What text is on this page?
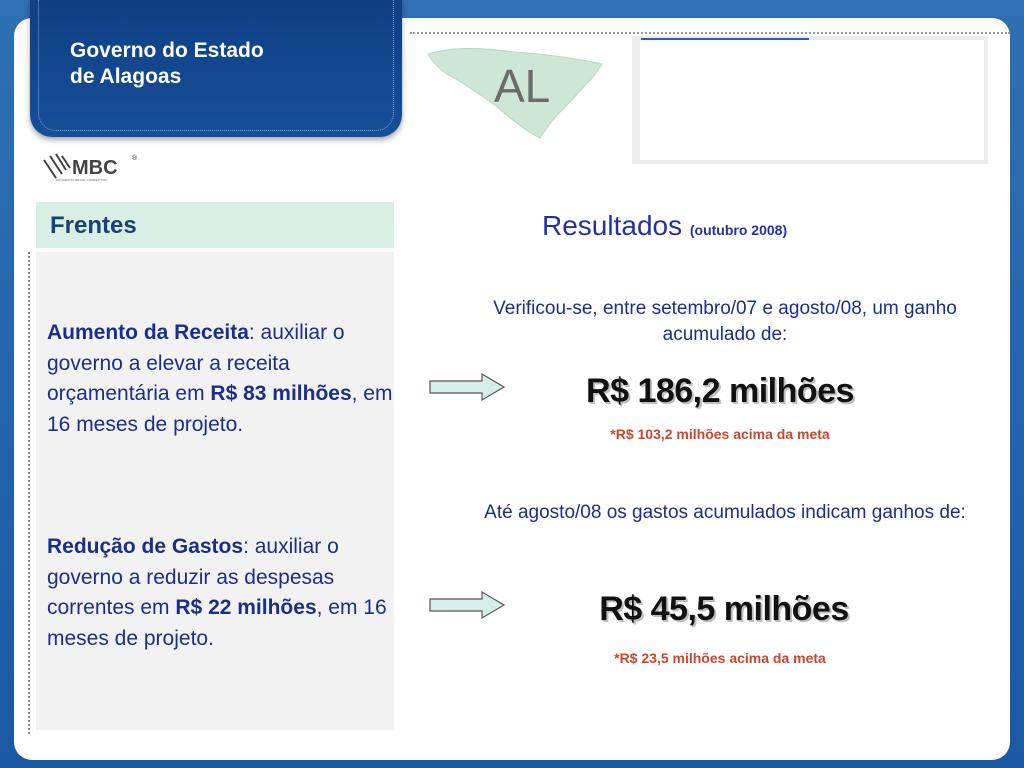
Governo do Estado
de Alagoas	AL
MBC ®
MOVIMENTO BRASIL COMPETITIVO
Frentes
Aumento da Receita: auxiliar o governo a elevar a receita orçamentária em R$ 83 milhões, em 16 meses de projeto.
Redução de Gastos: auxiliar o governo a reduzir as despesas correntes em R$ 22 milhões, em 16 meses de projeto.
Resultados (outubro 2008)
Verificou-se, entre setembro/07 e agosto/08, um ganho acumulado de:
R$ 186,2 milhões
*R$ 103,2 milhões acima da meta
Até agosto/08 os gastos acumulados indicam ganhos de:
R$ 45,5 milhões
*R$ 23,5 milhões acima da meta
